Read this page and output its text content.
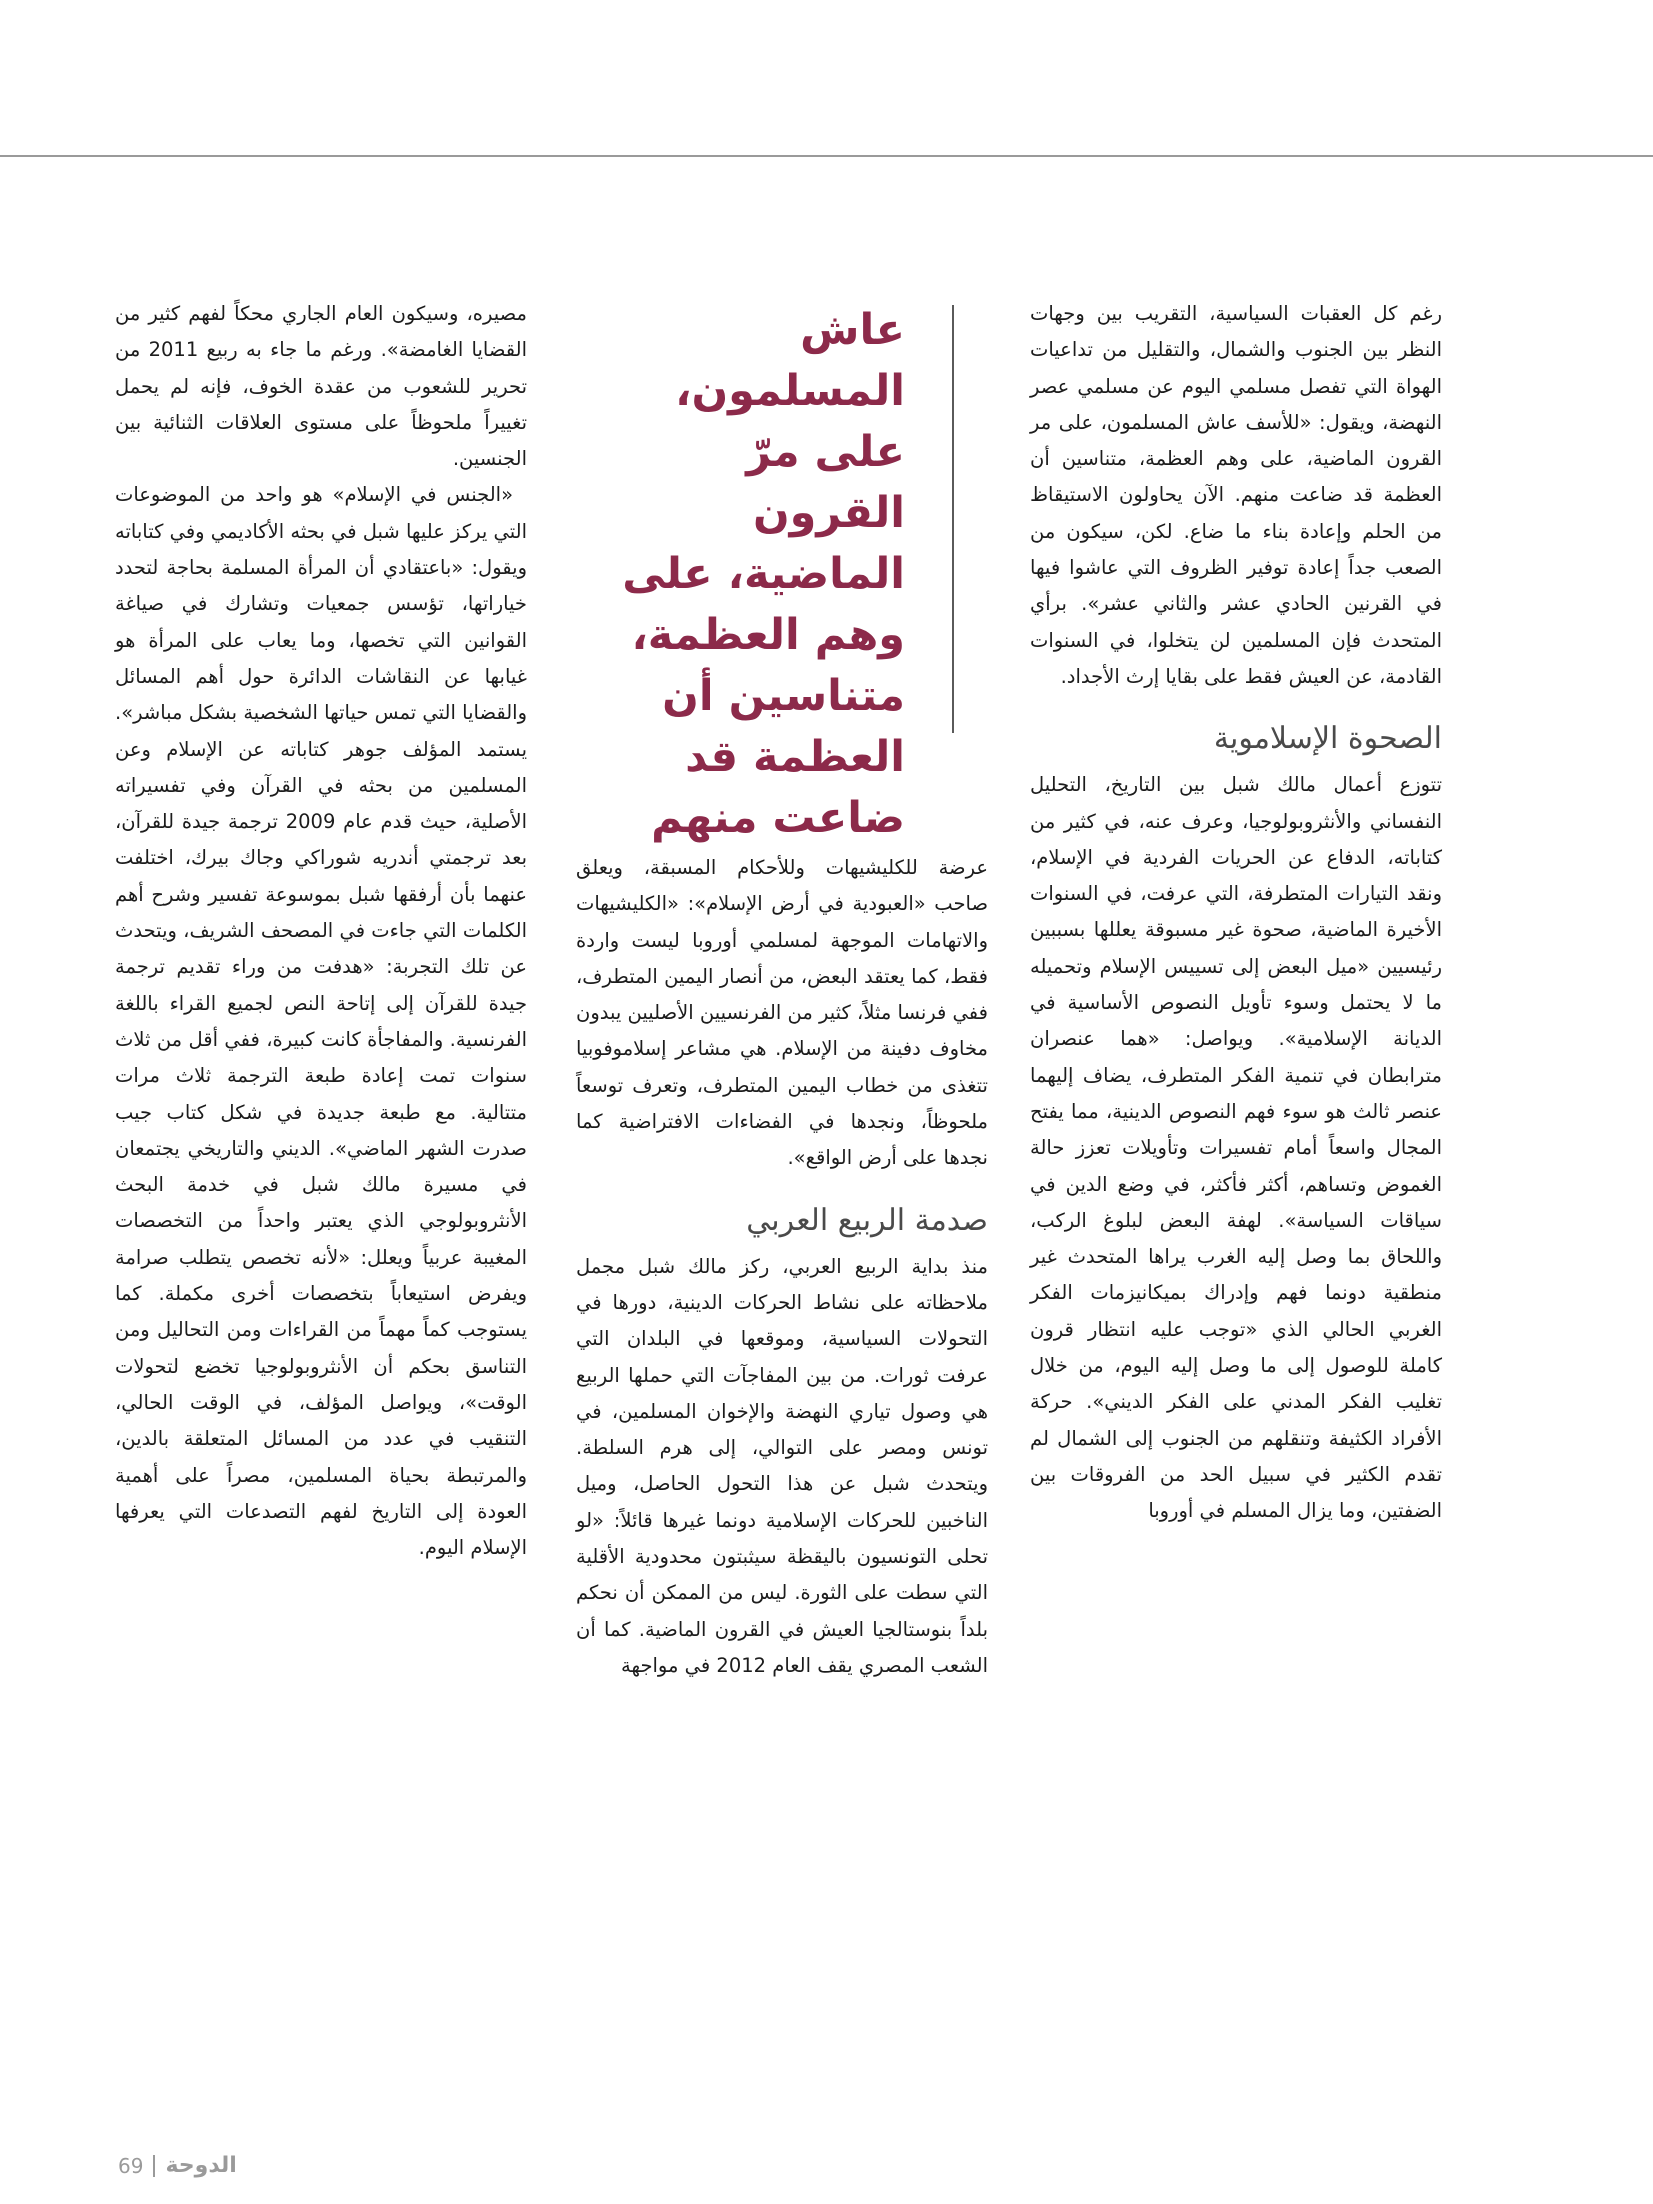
رغم كل العقبات السياسية، التقريب بين وجهات النظر بين الجنوب والشمال، والتقليل من تداعيات الهواة التي تفصل مسلمي اليوم عن مسلمي عصر النهضة، ويقول: «للأسف عاش المسلمون، على مر القرون الماضية، على وهم العظمة، متناسين أن العظمة قد ضاعت منهم. الآن يحاولون الاستيقاظ من الحلم وإعادة بناء ما ضاع. لكن، سيكون من الصعب جداً إعادة توفير الظروف التي عاشوا فيها في القرنين الحادي عشر والثاني عشر». برأي المتحدث فإن المسلمين لن يتخلوا، في السنوات القادمة، عن العيش فقط على بقايا إرث الأجداد.

الصحوة الإسلاموية

تتوزع أعمال مالك شبل بين التاريخ، التحليل النفساني والأنثروبولوجيا، وعرف عنه، في كثير من كتاباته، الدفاع عن الحريات الفردية في الإسلام، ونقد التيارات المتطرفة، التي عرفت، في السنوات الأخيرة الماضية، صحوة غير مسبوقة يعللها بسببين رئيسيين «ميل البعض إلى تسييس الإسلام وتحميله ما لا يحتمل وسوء تأويل النصوص الأساسية في الديانة الإسلامية». ويواصل: «هما عنصران مترابطان في تنمية الفكر المتطرف، يضاف إليهما عنصر ثالث هو سوء فهم النصوص الدينية، مما يفتح المجال واسعاً أمام تفسيرات وتأويلات تعزز حالة الغموض وتساهم، أكثر فأكثر، في وضع الدين في سياقات السياسة». لهفة البعض لبلوغ الركب، واللحاق بما وصل إليه الغرب يراها المتحدث غير منطقية دونما فهم وإدراك بميكانيزمات الفكر الغربي الحالي الذي «توجب عليه انتظار قرون كاملة للوصول إلى ما وصل إليه اليوم، من خلال تغليب الفكر المدني على الفكر الديني». حركة الأفراد الكثيفة وتنقلهم من الجنوب إلى الشمال لم تقدم الكثير في سبيل الحد من الفروقات بين الضفتين، وما يزال المسلم في أوروبا

عاش المسلمون، على مرّ القرون الماضية، على وهم العظمة، متناسين أن العظمة قد ضاعت منهم

عرضة للكليشيهات وللأحكام المسبقة، ويعلق صاحب «العبودية في أرض الإسلام»: «الكليشيهات والاتهامات الموجهة لمسلمي أوروبا ليست واردة فقط، كما يعتقد البعض، من أنصار اليمين المتطرف، ففي فرنسا مثلاً، كثير من الفرنسيين الأصليين يبدون مخاوف دفينة من الإسلام. هي مشاعر إسلاموفوبيا تتغذى من خطاب اليمين المتطرف، وتعرف توسعاً ملحوظاً، ونجدها في الفضاءات الافتراضية كما نجدها على أرض الواقع».

صدمة الربيع العربي

منذ بداية الربيع العربي، ركز مالك شبل مجمل ملاحظاته على نشاط الحركات الدينية، دورها في التحولات السياسية، وموقعها في البلدان التي عرفت ثورات. من بين المفاجآت التي حملها الربيع هي وصول تياري النهضة والإخوان المسلمين، في تونس ومصر على التوالي، إلى هرم السلطة. ويتحدث شبل عن هذا التحول الحاصل، وميل الناخبين للحركات الإسلامية دونما غيرها قائلاً: «لو تحلى التونسيون باليقظة سيثبتون محدودية الأقلية التي سطت على الثورة. ليس من الممكن أن نحكم بلداً بنوستالجيا العيش في القرون الماضية. كما أن الشعب المصري يقف العام 2012 في مواجهة

مصيره، وسيكون العام الجاري محكاً لفهم كثير من القضايا الغامضة». ورغم ما جاء به ربيع 2011 من تحرير للشعوب من عقدة الخوف، فإنه لم يحمل تغييراً ملحوظاً على مستوى العلاقات الثنائية بين الجنسين.

«الجنس في الإسلام» هو واحد من الموضوعات التي يركز عليها شبل في بحثه الأكاديمي وفي كتاباته ويقول: «باعتقادي أن المرأة المسلمة بحاجة لتحدد خياراتها، تؤسس جمعيات وتشارك في صياغة القوانين التي تخصها، وما يعاب على المرأة هو غيابها عن النقاشات الدائرة حول أهم المسائل والقضايا التي تمس حياتها الشخصية بشكل مباشر». يستمد المؤلف جوهر كتاباته عن الإسلام وعن المسلمين من بحثه في القرآن وفي تفسيراته الأصلية، حيث قدم عام 2009 ترجمة جيدة للقرآن، بعد ترجمتي أندريه شوراكي وجاك بيرك، اختلفت عنهما بأن أرفقها شبل بموسوعة تفسير وشرح أهم الكلمات التي جاءت في المصحف الشريف، ويتحدث عن تلك التجربة: «هدفت من وراء تقديم ترجمة جيدة للقرآن إلى إتاحة النص لجميع القراء باللغة الفرنسية. والمفاجأة كانت كبيرة، ففي أقل من ثلاث سنوات تمت إعادة طبعة الترجمة ثلاث مرات متتالية. مع طبعة جديدة في شكل كتاب جيب صدرت الشهر الماضي». الديني والتاريخي يجتمعان في مسيرة مالك شبل في خدمة البحث الأنثروبولوجي الذي يعتبر واحداً من التخصصات المغيبة عربياً ويعلل: «لأنه تخصص يتطلب صرامة ويفرض استيعاباً بتخصصات أخرى مكملة. كما يستوجب كماً مهماً من القراءات ومن التحاليل ومن التناسق بحكم أن الأنثروبولوجيا تخضع لتحولات الوقت»، ويواصل المؤلف، في الوقت الحالي، التنقيب في عدد من المسائل المتعلقة بالدين، والمرتبطة بحياة المسلمين، مصراً على أهمية العودة إلى التاريخ لفهم التصدعات التي يعرفها الإسلام اليوم.

69 الدوحة
